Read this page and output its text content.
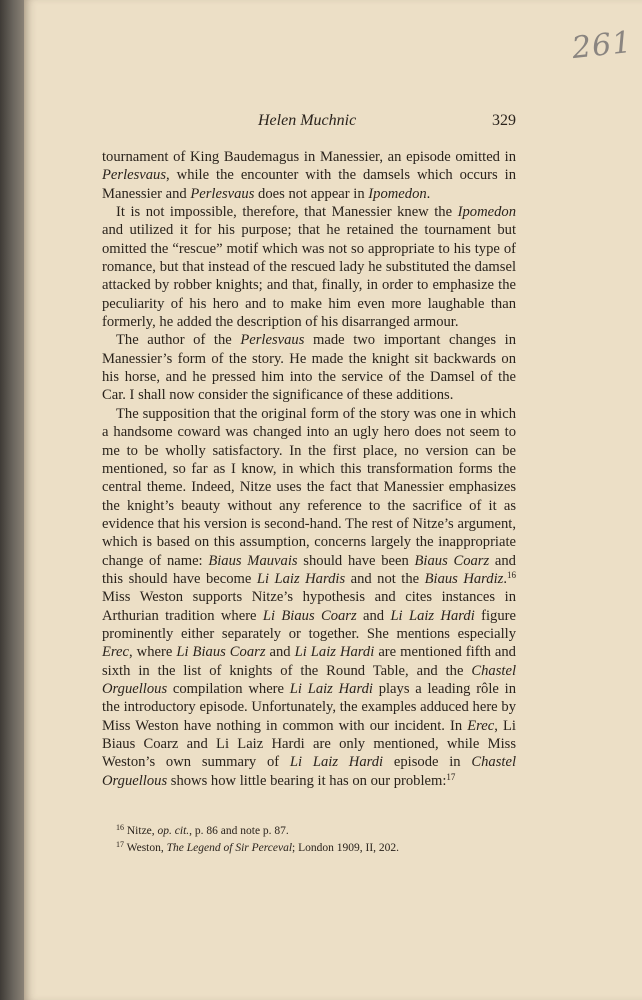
261
Helen Muchnic	329

tournament of King Baudemagus in Manessier, an episode omitted in Perlesvaus, while the encounter with the damsels which occurs in Manessier and Perlesvaus does not appear in Ipomedon.

It is not impossible, therefore, that Manessier knew the Ipomedon and utilized it for his purpose; that he retained the tournament but omitted the “rescue” motif which was not so appropriate to his type of romance, but that instead of the rescued lady he substituted the damsel attacked by robber knights; and that, finally, in order to emphasize the peculiarity of his hero and to make him even more laughable than formerly, he added the description of his disarranged armour.

The author of the Perlesvaus made two important changes in Manessier’s form of the story. He made the knight sit backwards on his horse, and he pressed him into the service of the Damsel of the Car. I shall now consider the significance of these additions.

The supposition that the original form of the story was one in which a handsome coward was changed into an ugly hero does not seem to me to be wholly satisfactory. In the first place, no version can be mentioned, so far as I know, in which this transformation forms the central theme. Indeed, Nitze uses the fact that Manessier emphasizes the knight’s beauty without any reference to the sacrifice of it as evidence that his version is second-hand. The rest of Nitze’s argument, which is based on this assumption, concerns largely the inappropriate change of name: Biaus Mauvais should have been Biaus Coarz and this should have become Li Laiz Hardis and not the Biaus Hardiz.$^{16}$ Miss Weston supports Nitze’s hypothesis and cites instances in Arthurian tradition where Li Biaus Coarz and Li Laiz Hardi figure prominently either separately or together. She mentions especially Erec, where Li Biaus Coarz and Li Laiz Hardi are mentioned fifth and sixth in the list of knights of the Round Table, and the Chastel Orguellous compilation where Li Laiz Hardi plays a leading rôle in the introductory episode. Unfortunately, the examples adduced here by Miss Weston have nothing in common with our incident. In Erec, Li Biaus Coarz and Li Laiz Hardi are only mentioned, while Miss Weston’s own summary of Li Laiz Hardi episode in Chastel Orguellous shows how little bearing it has on our problem:$^{17}$

$^{16}$ Nitze, op. cit., p. 86 and note p. 87.

$^{17}$ Weston, The Legend of Sir Perceval; London 1909, II, 202.
